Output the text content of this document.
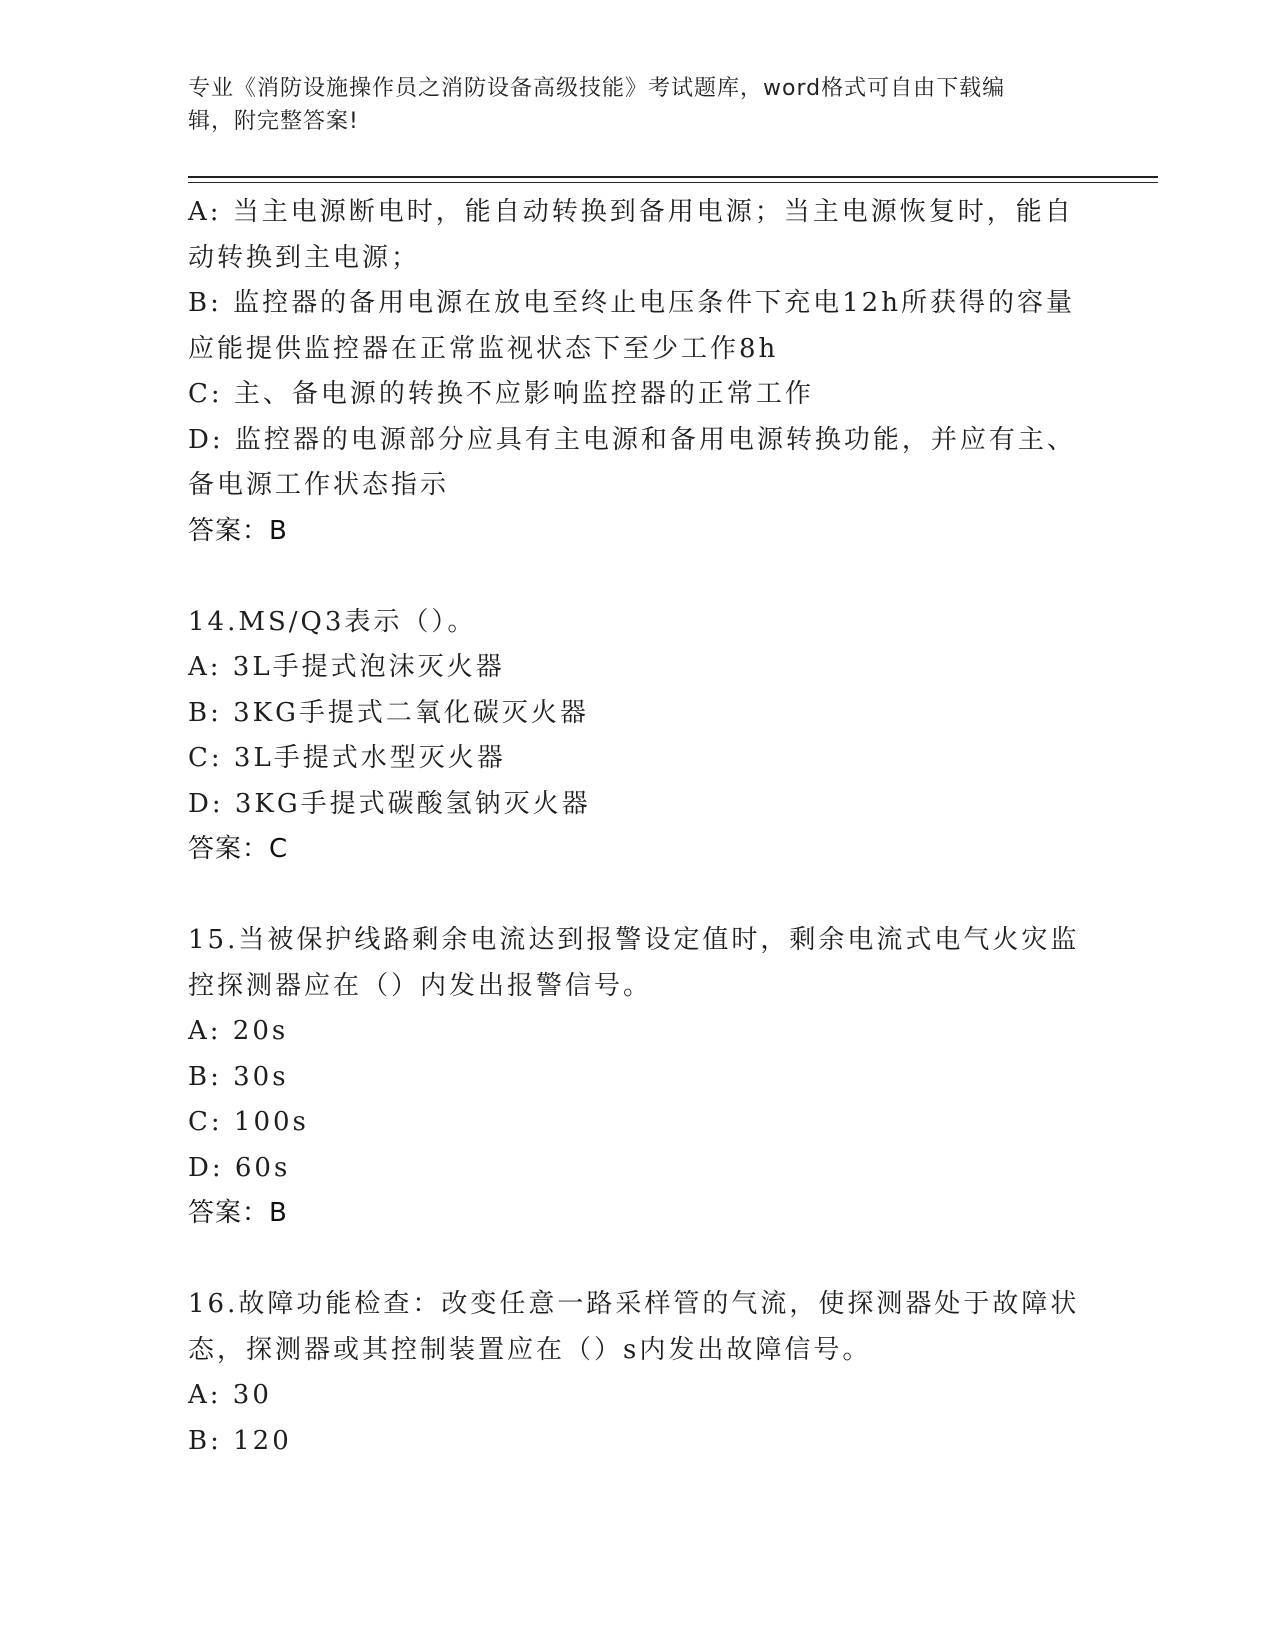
专业《消防设施操作员之消防设备高级技能》考试题库，word格式可自由下载编
辑，附完整答案!
A: 当主电源断电时，能自动转换到备用电源；当主电源恢复时，能自
动转换到主电源；
B: 监控器的备用电源在放电至终止电压条件下充电12h所获得的容量
应能提供监控器在正常监视状态下至少工作8h
C: 主、备电源的转换不应影响监控器的正常工作
D: 监控器的电源部分应具有主电源和备用电源转换功能，并应有主、
备电源工作状态指示
答案：B
14.MS/Q3表示（）。
A: 3L手提式泡沫灭火器
B: 3KG手提式二氧化碳灭火器
C: 3L手提式水型灭火器
D: 3KG手提式碳酸氢钠灭火器
答案：C
15.当被保护线路剩余电流达到报警设定值时，剩余电流式电气火灾监
控探测器应在（）内发出报警信号。
A: 20s
B: 30s
C: 100s
D: 60s
答案：B
16.故障功能检查：改变任意一路采样管的气流，使探测器处于故障状
态，探测器或其控制装置应在（）s内发出故障信号。
A: 30
B: 120
